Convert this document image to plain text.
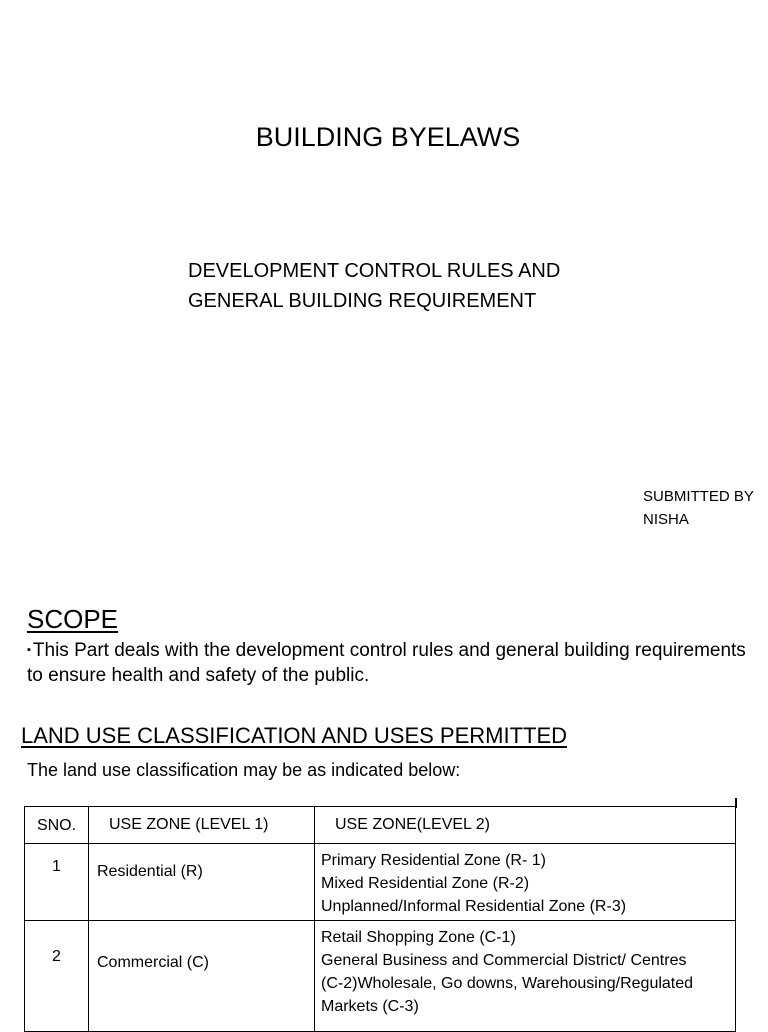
BUILDING BYELAWS
DEVELOPMENT CONTROL RULES AND
GENERAL BUILDING REQUIREMENT
SUBMITTED BY
NISHA
SCOPE
▪ This Part deals with the development control rules and general building requirements to ensure health and safety of the public.
LAND USE CLASSIFICATION AND USES PERMITTED
The land use classification may be as indicated below:
SNO.	USE ZONE (LEVEL 1)	USE ZONE(LEVEL 2)

1	Residential (R)	Primary Residential Zone (R- 1)
Mixed Residential Zone (R-2)
Unplanned/Informal Residential Zone (R-3)

2	Commercial (C)	Retail Shopping Zone (C-1)
General Business and Commercial District/ Centres
(C-2)Wholesale, Go downs, Warehousing/Regulated
Markets (C-3)
